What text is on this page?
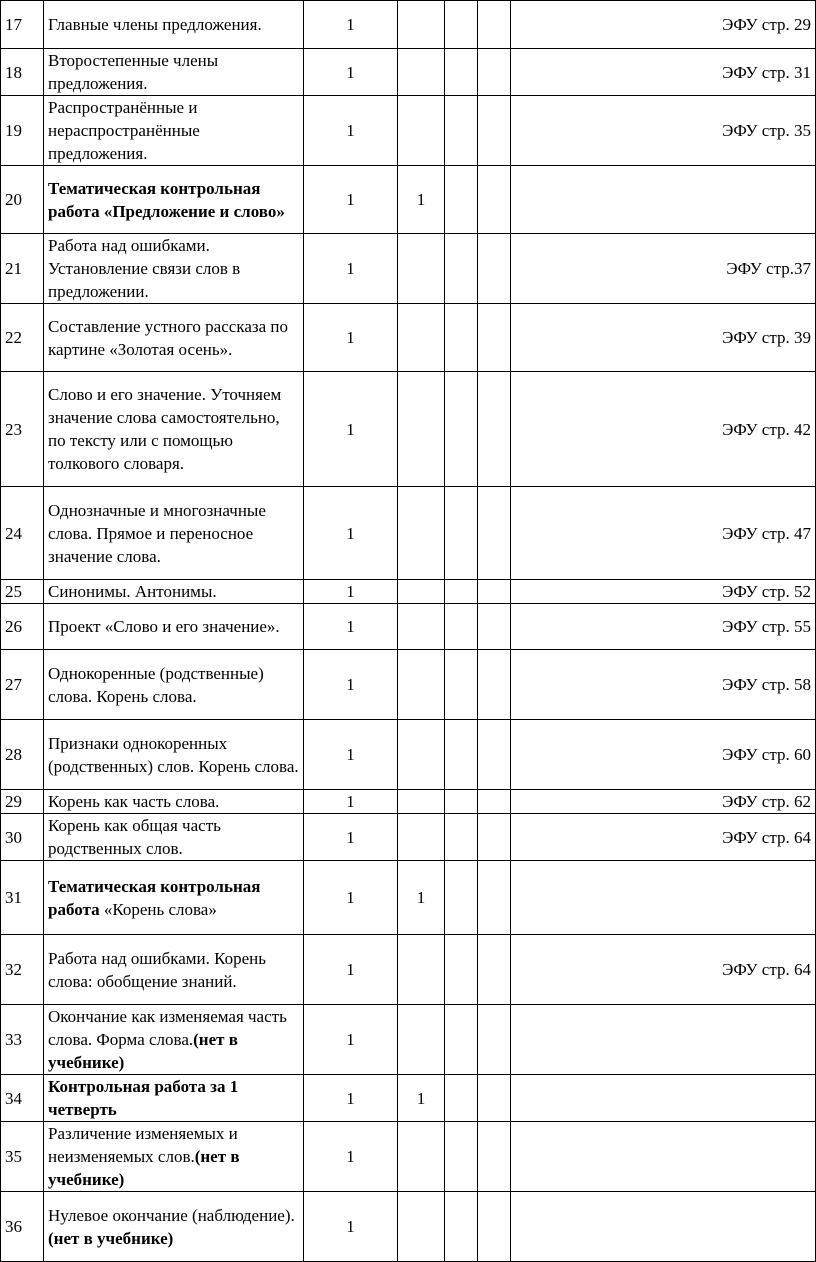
17	Главные члены предложения.	1				ЭФУ стр. 29
18	Второстепенные члены предложения.	1				ЭФУ стр. 31
19	Распространённые и нераспространённые предложения.	1				ЭФУ стр. 35
20	Тематическая контрольная работа «Предложение и слово»	1	1			
21	Работа над ошибками. Установление связи слов в предложении.	1				ЭФУ стр.37
22	Составление устного рассказа по картине «Золотая осень».	1				ЭФУ стр. 39
23	Слово и его значение. Уточняем значение слова самостоятельно, по тексту или с помощью толкового словаря.	1				ЭФУ стр. 42
24	Однозначные и многозначные слова. Прямое и переносное значение слова.	1				ЭФУ стр. 47
25	Синонимы. Антонимы.	1				ЭФУ стр. 52
26	Проект «Слово и его значение».	1				ЭФУ стр. 55
27	Однокоренные (родственные) слова. Корень слова.	1				ЭФУ стр. 58
28	Признаки однокоренных (родственных) слов. Корень слова.	1				ЭФУ стр. 60
29	Корень как часть слова.	1				ЭФУ стр. 62
30	Корень как общая часть родственных слов.	1				ЭФУ стр. 64
31	Тематическая контрольная работа «Корень слова»	1	1			
32	Работа над ошибками. Корень слова: обобщение знаний.	1				ЭФУ стр. 64
33	Окончание как изменяемая часть слова. Форма слова.(нет в учебнике)	1				
34	Контрольная работа за 1 четверть	1	1			
35	Различение изменяемых и неизменяемых слов.(нет в учебнике)	1				
36	Нулевое окончание (наблюдение).(нет в учебнике)	1				
